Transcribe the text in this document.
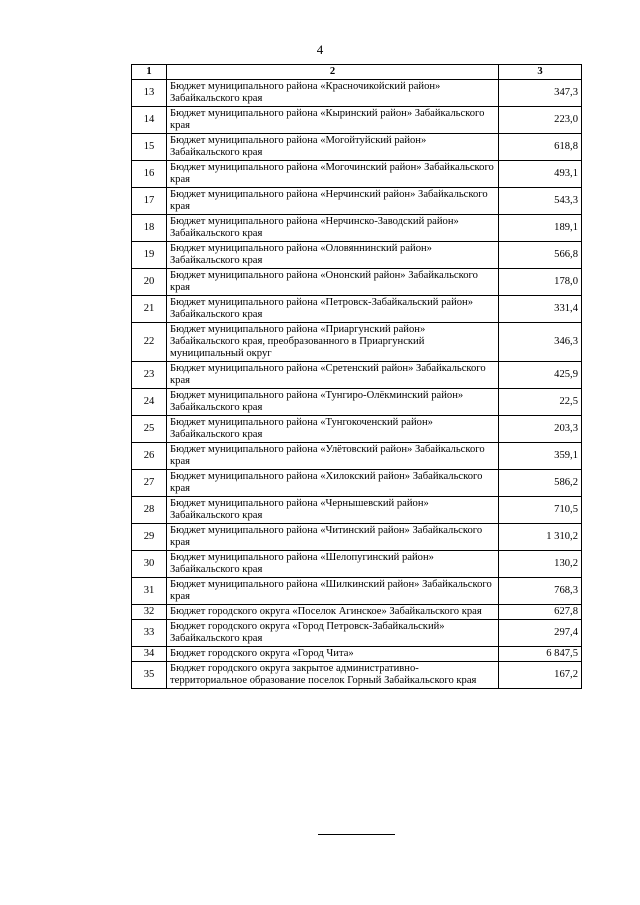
4
1	2	3
13	Бюджет муниципального района «Красночикойский район» Забайкальского края	347,3
14	Бюджет муниципального района «Кыринский район» Забайкальского края	223,0
15	Бюджет муниципального района «Могойтуйский район» Забайкальского края	618,8
16	Бюджет муниципального района «Могочинский район» Забайкальского края	493,1
17	Бюджет муниципального района «Нерчинский район» Забайкальского края	543,3
18	Бюджет муниципального района «Нерчинско-Заводский район» Забайкальского края	189,1
19	Бюджет муниципального района «Оловяннинский район» Забайкальского края	566,8
20	Бюджет муниципального района «Ононский район» Забайкальского края	178,0
21	Бюджет муниципального района «Петровск-Забайкальский район» Забайкальского края	331,4
22	Бюджет муниципального района «Приаргунский район» Забайкальского края, преобразованного в Приаргунский муниципальный округ	346,3
23	Бюджет муниципального района «Сретенский район» Забайкальского края	425,9
24	Бюджет муниципального района «Тунгиро-Олёкминский район» Забайкальского края	22,5
25	Бюджет муниципального района «Тунгокоченский район» Забайкальского края	203,3
26	Бюджет муниципального района «Улётовский район» Забайкальского края	359,1
27	Бюджет муниципального района «Хилокский район» Забайкальского края	586,2
28	Бюджет муниципального района «Чернышевский район» Забайкальского края	710,5
29	Бюджет муниципального района «Читинский район» Забайкальского края	1 310,2
30	Бюджет муниципального района «Шелопугинский район» Забайкальского края	130,2
31	Бюджет муниципального района «Шилкинский район» Забайкальского края	768,3
32	Бюджет городского округа «Поселок Агинское» Забайкальского края	627,8
33	Бюджет городского округа «Город Петровск-Забайкальский» Забайкальского края	297,4
34	Бюджет городского округа «Город Чита»	6 847,5
35	Бюджет городского округа закрытое административно-территориальное образование поселок Горный Забайкальского края	167,2
